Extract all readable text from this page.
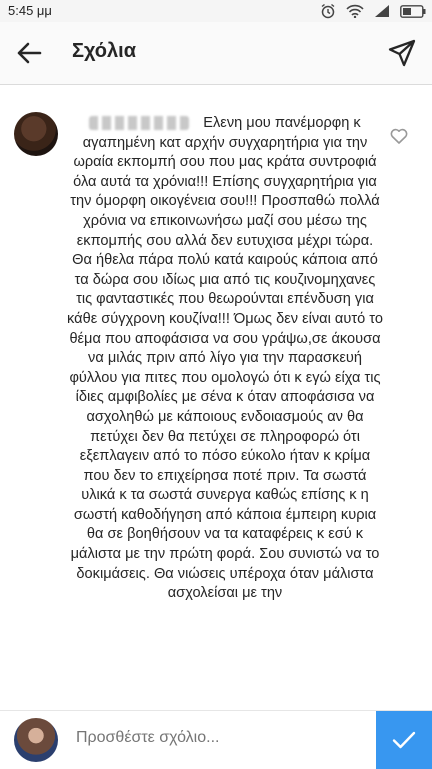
5:45 μμ
Σχόλια
Ελενη μου πανέμορφη κ αγαπημένη κατ αρχήν συγχαρητήρια για την ωραία εκπομπή σου που μας κράτα συντροφιά όλα αυτά τα χρόνια!!! Επίσης συγχαρητήρια για την όμορφη οικογένεια σου!!! Προσπαθώ πολλά χρόνια να επικοινωνήσω μαζί σου μέσω της εκπομπής σου αλλά δεν ευτυχισα μέχρι τώρα. Θα ήθελα πάρα πολύ κατά καιρούς κάποια από τα δώρα σου ιδίως μια από τις κουζινομηχανες τις φανταστικές που θεωρούνται επένδυση για κάθε σύγχρονη κουζίνα!!! Όμως δεν είναι αυτό το θέμα που αποφάσισα να σου γράψω,σε άκουσα να μιλάς πριν από λίγο για την παρασκευή φύλλου για πιτες που ομολογώ ότι κ εγώ είχα τις ίδιες αμφιβολίες με σένα κ όταν αποφάσισα να ασχοληθώ με κάποιους ενδοιασμούς αν θα πετύχει δεν θα πετύχει σε πληροφορώ ότι εξεπλαγειν από το πόσο εύκολο ήταν κ κρίμα που δεν το επιχείρησα ποτέ πριν. Τα σωστά υλικά κ τα σωστά συνεργα καθώς επίσης κ η σωστή καθοδήγηση από κάποια έμπειρη κυρια θα σε βοηθήσουν να τα καταφέρεις κ εσύ κ μάλιστα με την πρώτη φορά. Σου συνιστώ να το δοκιμάσεις. Θα νιώσεις υπέροχα όταν μάλιστα ασχολείσαι με την
Προσθέστε σχόλιο...
